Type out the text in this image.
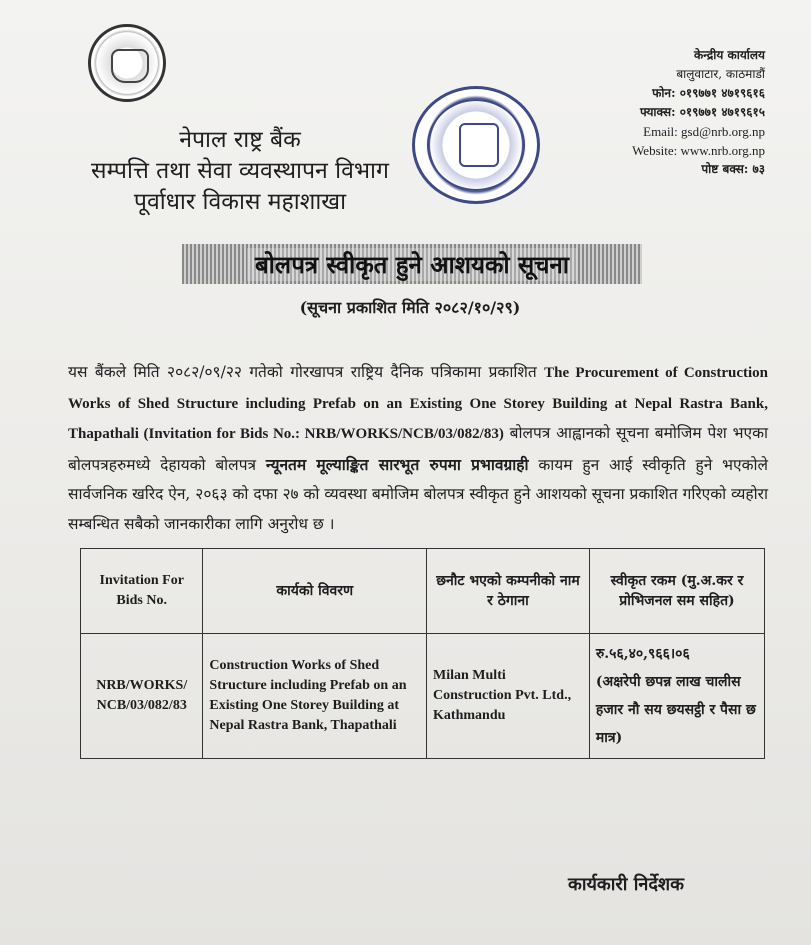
नेपाल राष्ट्र बैंक
सम्पत्ति तथा सेवा व्यवस्थापन विभाग
पूर्वाधार विकास महाशाखा
केन्द्रीय कार्यालय
बालुवाटार, काठमाडौं
फोन: ०१९७७१ ४७१९६१६
फ्याक्स: ०१९७७१ ४७१९६१५
Email: gsd@nrb.org.np
Website: www.nrb.org.np
पोष्ट बक्स: ७३
बोलपत्र स्वीकृत हुने आशयको सूचना
(सूचना प्रकाशित मिति २०८२/१०/२९)
यस बैंकले मिति २०८२/०९/२२ गतेको गोरखापत्र राष्ट्रिय दैनिक पत्रिकामा प्रकाशित The Procurement of Construction Works of Shed Structure including Prefab on an Existing One Storey Building at Nepal Rastra Bank, Thapathali (Invitation for Bids No.: NRB/WORKS/NCB/03/082/83) बोलपत्र आह्वानको सूचना बमोजिम पेश भएका बोलपत्रहरुमध्ये देहायको बोलपत्र न्यूनतम मूल्याङ्कित सारभूत रुपमा प्रभावग्राही कायम हुन आई स्वीकृति हुने भएकोले सार्वजनिक खरिद ऐन, २०६३ को दफा २७ को व्यवस्था बमोजिम बोलपत्र स्वीकृत हुने आशयको सूचना प्रकाशित गरिएको व्यहोरा सम्बन्धित सबैको जानकारीका लागि अनुरोध छ ।
Invitation For Bids No.	कार्यको विवरण	छनौट भएको कम्पनीको नाम र ठेगाना	स्वीकृत रकम (मु.अ.कर र प्रोभिजनल सम सहित)
NRB/WORKS/ NCB/03/082/83	Construction Works of Shed Structure including Prefab on an Existing One Storey Building at Nepal Rastra Bank, Thapathali	Milan Multi Construction Pvt. Ltd., Kathmandu	रु.५६,४०,९६६।०६
(अक्षरेपी छपन्न लाख चालीस हजार नौ सय छयसट्ठी र पैसा छ मात्र)
कार्यकारी निर्देशक
